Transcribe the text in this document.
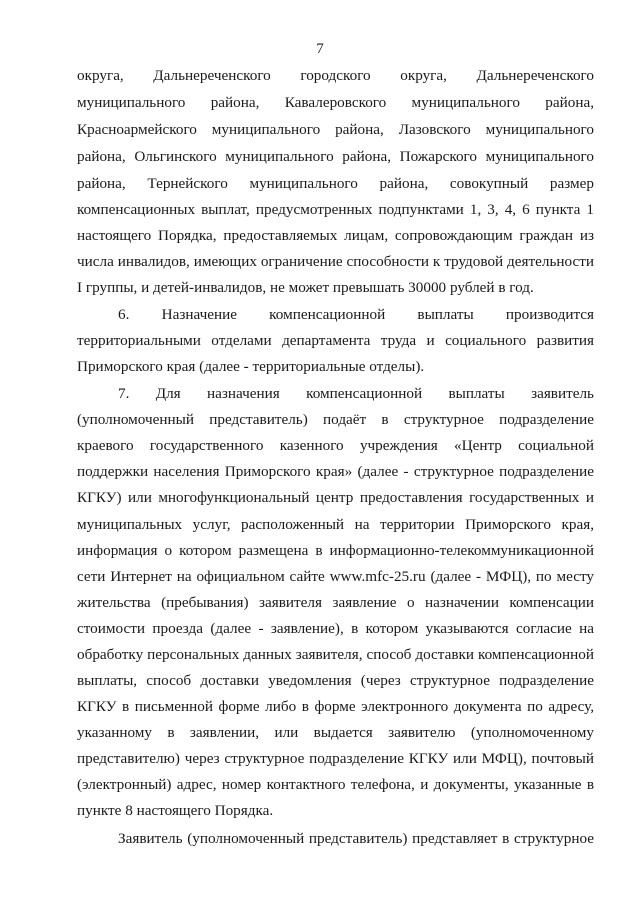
7
округа, Дальнереченского городского округа, Дальнереченского
муниципального района, Кавалеровского муниципального района,
Красноармейского муниципального района, Лазовского муниципального
района, Ольгинского муниципального района, Пожарского муниципального
района, Тернейского муниципального района, совокупный размер
компенсационных выплат, предусмотренных подпунктами 1, 3, 4, 6 пункта 1
настоящего Порядка, предоставляемых лицам, сопровождающим граждан из
числа инвалидов, имеющих ограничение способности к трудовой деятельности
I группы, и детей-инвалидов, не может превышать 30000 рублей в год.
6. Назначение компенсационной выплаты производится
территориальными отделами департамента труда и социального развития
Приморского края (далее - территориальные отделы).
7. Для назначения компенсационной выплаты заявитель
(уполномоченный представитель) подаёт в структурное подразделение
краевого государственного казенного учреждения «Центр социальной
поддержки населения Приморского края» (далее - структурное подразделение
КГКУ) или многофункциональный центр предоставления государственных и
муниципальных услуг, расположенный на территории Приморского края,
информация о котором размещена в информационно-телекоммуникационной
сети Интернет на официальном сайте www.mfc-25.ru (далее - МФЦ), по месту
жительства (пребывания) заявителя заявление о назначении компенсации
стоимости проезда (далее - заявление), в котором указываются согласие на
обработку персональных данных заявителя, способ доставки компенсационной
выплаты, способ доставки уведомления (через структурное подразделение
КГКУ в письменной форме либо в форме электронного документа по адресу,
указанному в заявлении, или выдается заявителю (уполномоченному
представителю) через структурное подразделение КГКУ или МФЦ), почтовый
(электронный) адрес, номер контактного телефона, и документы, указанные в
пункте 8 настоящего Порядка.
Заявитель (уполномоченный представитель) представляет в структурное
